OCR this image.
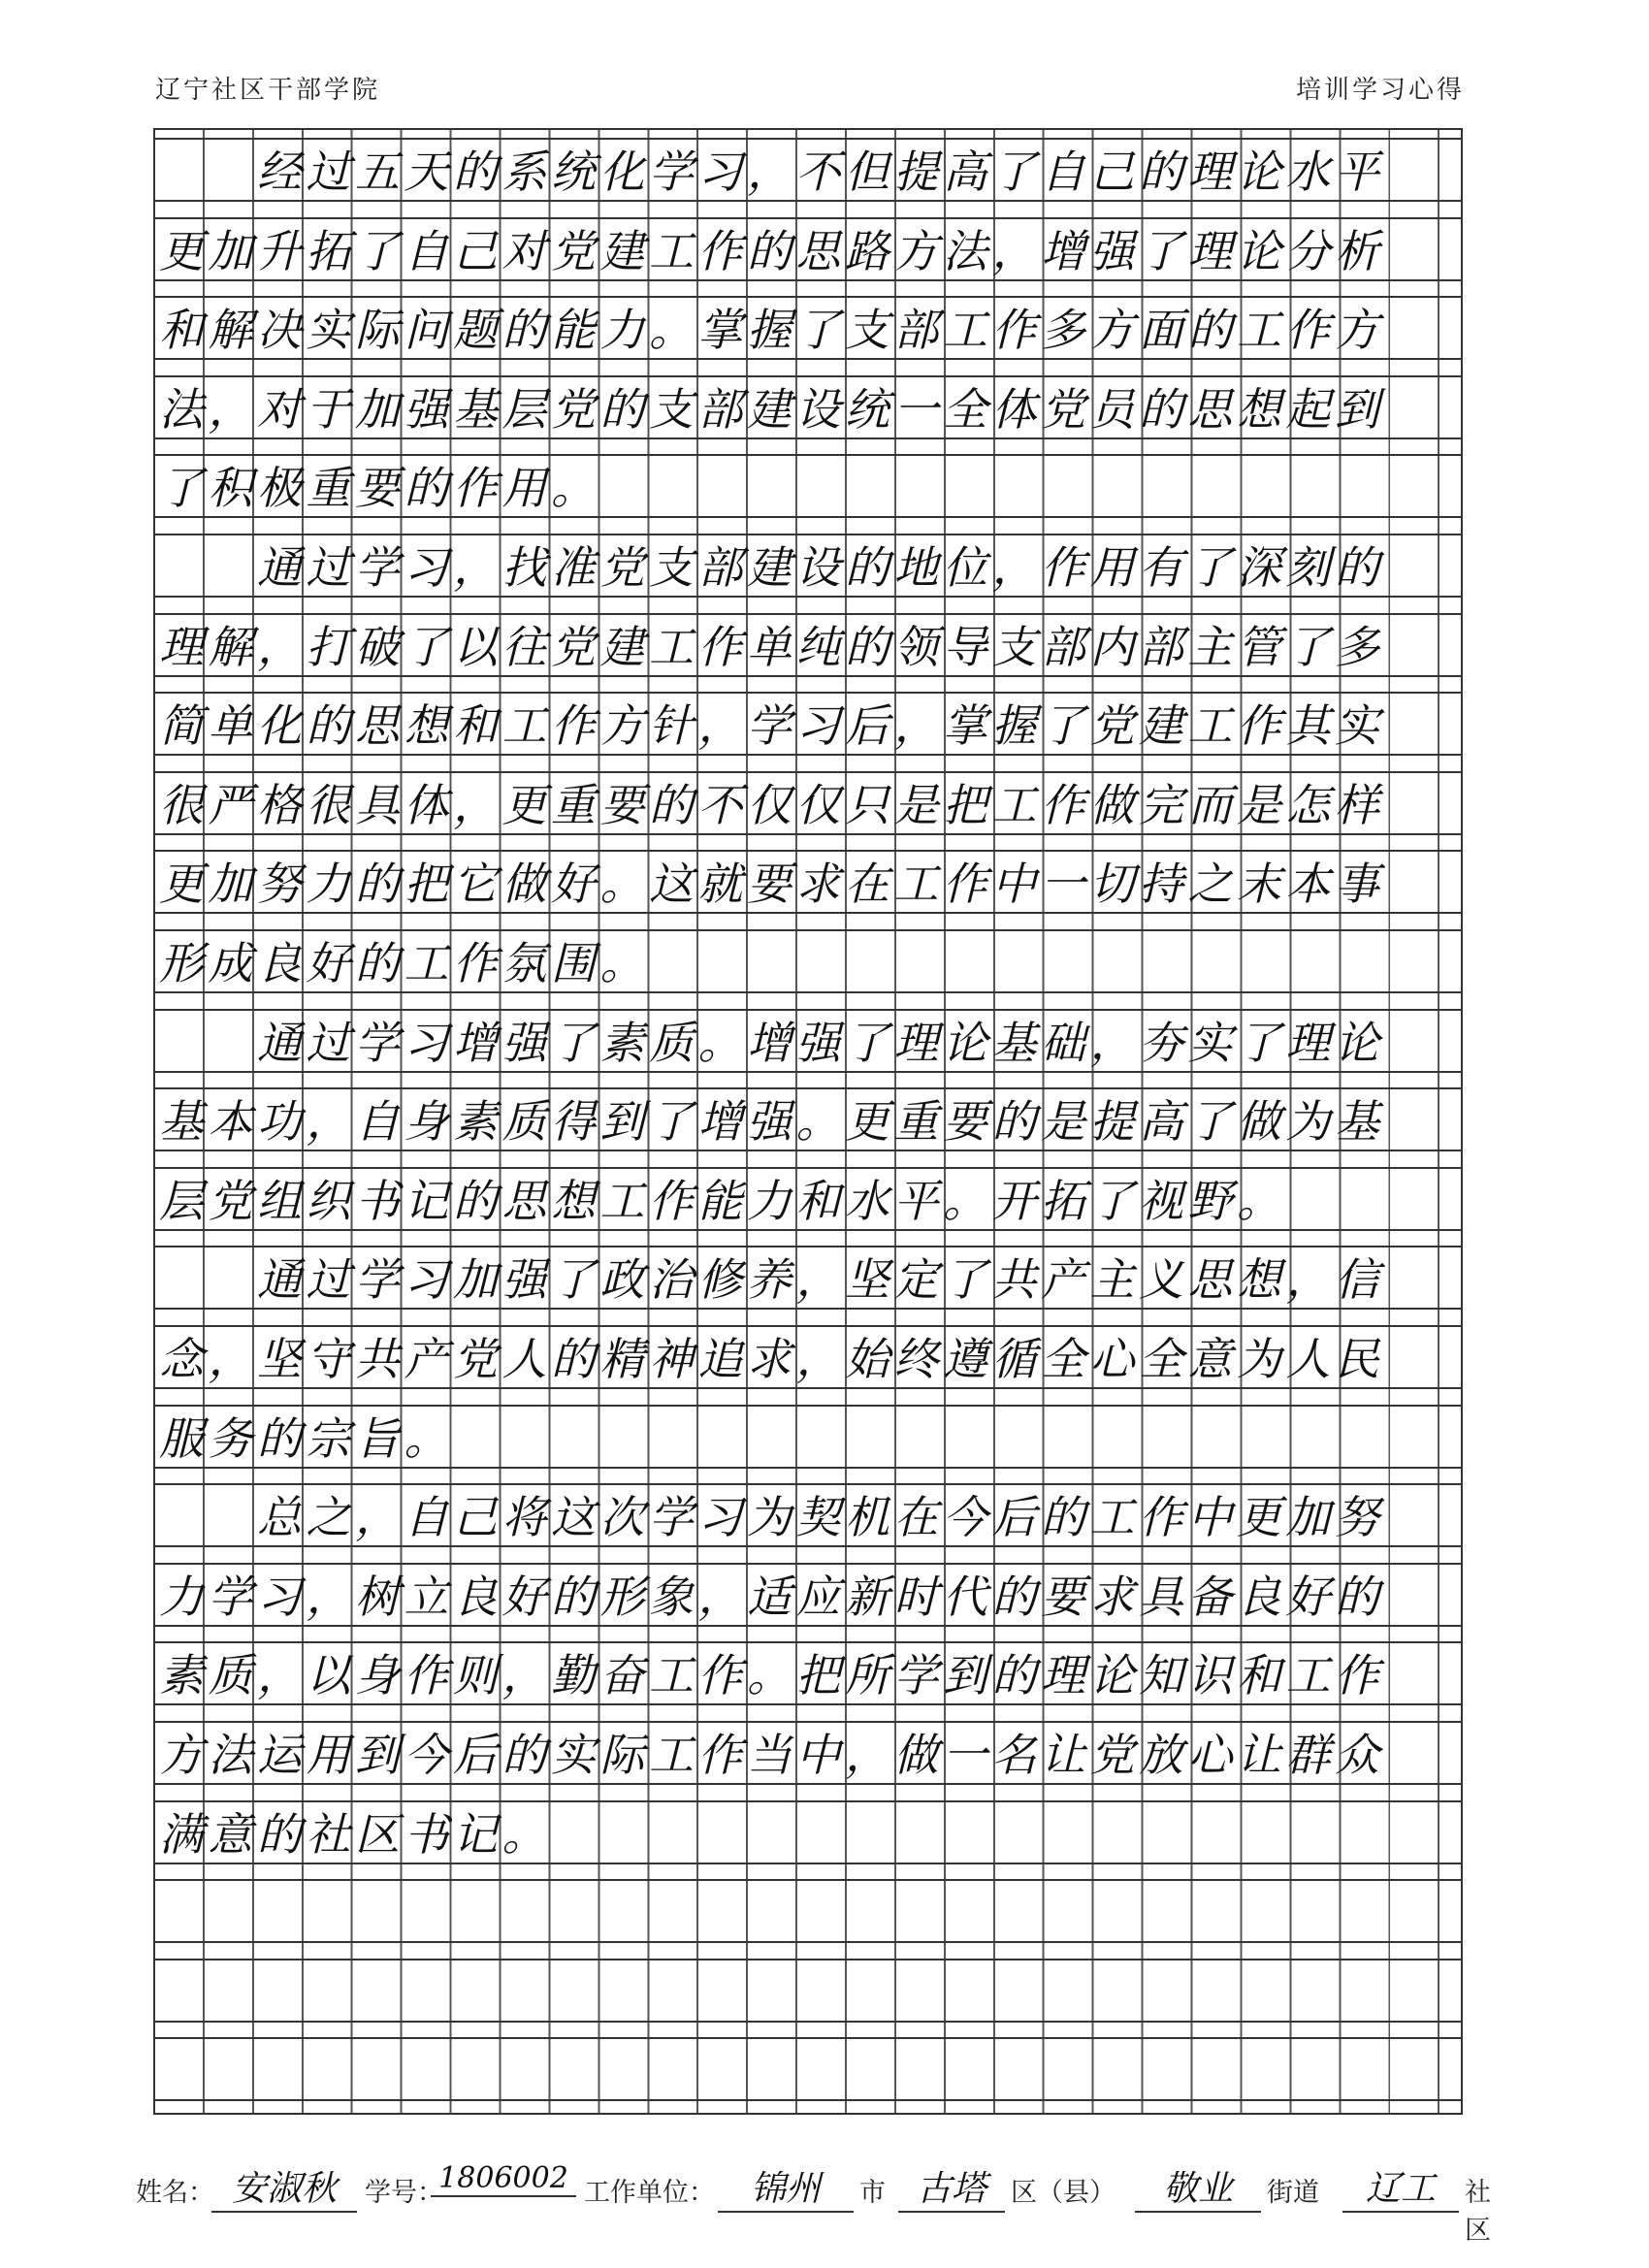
辽宁社区干部学院	培训学习心得
　　经过五天的系统化学习，不但提高了自己的理论水平
更加升拓了自己对党建工作的思路方法，增强了理论分析
和解决实际问题的能力。掌握了支部工作多方面的工作方
法，对于加强基层党的支部建设统一全体党员的思想起到
了积极重要的作用。
　　通过学习，找准党支部建设的地位，作用有了深刻的
理解，打破了以往党建工作单纯的领导支部内部主管了多
简单化的思想和工作方针，学习后，掌握了党建工作其实
很严格很具体，更重要的不仅仅只是把工作做完而是怎样
更加努力的把它做好。这就要求在工作中一切持之末本事
形成良好的工作氛围。
　　通过学习增强了素质。增强了理论基础，夯实了理论
基本功，自身素质得到了增强。更重要的是提高了做为基
层党组织书记的思想工作能力和水平。开拓了视野。
　　通过学习加强了政治修养，坚定了共产主义思想，信
念，坚守共产党人的精神追求，始终遵循全心全意为人民
服务的宗旨。
　　总之，自己将这次学习为契机在今后的工作中更加努
力学习，树立良好的形象，适应新时代的要求具备良好的
素质，以身作则，勤奋工作。把所学到的理论知识和工作
方法运用到今后的实际工作当中，做一名让党放心让群众
满意的社区书记。
姓名： 安淑秋	学号：
1806002 工作单位：	锦州	市 古塔 区（县）	敬业	街道	辽工	社区
